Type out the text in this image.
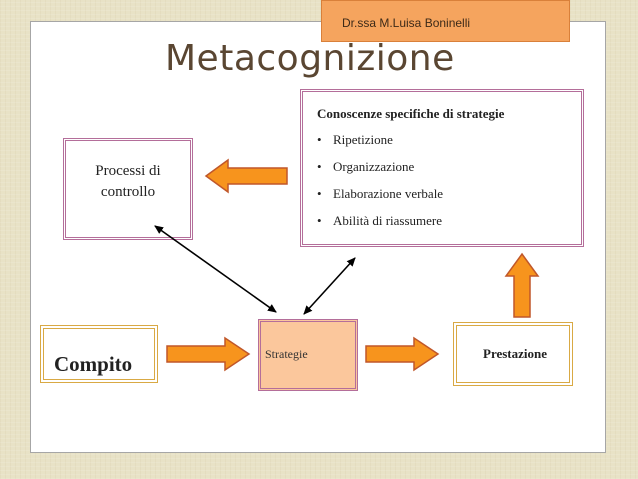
Dr.ssa M.Luisa Boninelli
Metacognizione
Processi di
controllo
Conoscenze specifiche di strategie
• Ripetizione
• Organizzazione
• Elaborazione verbale
• Abilità di riassumere
Compito	Strategie	Prestazione
